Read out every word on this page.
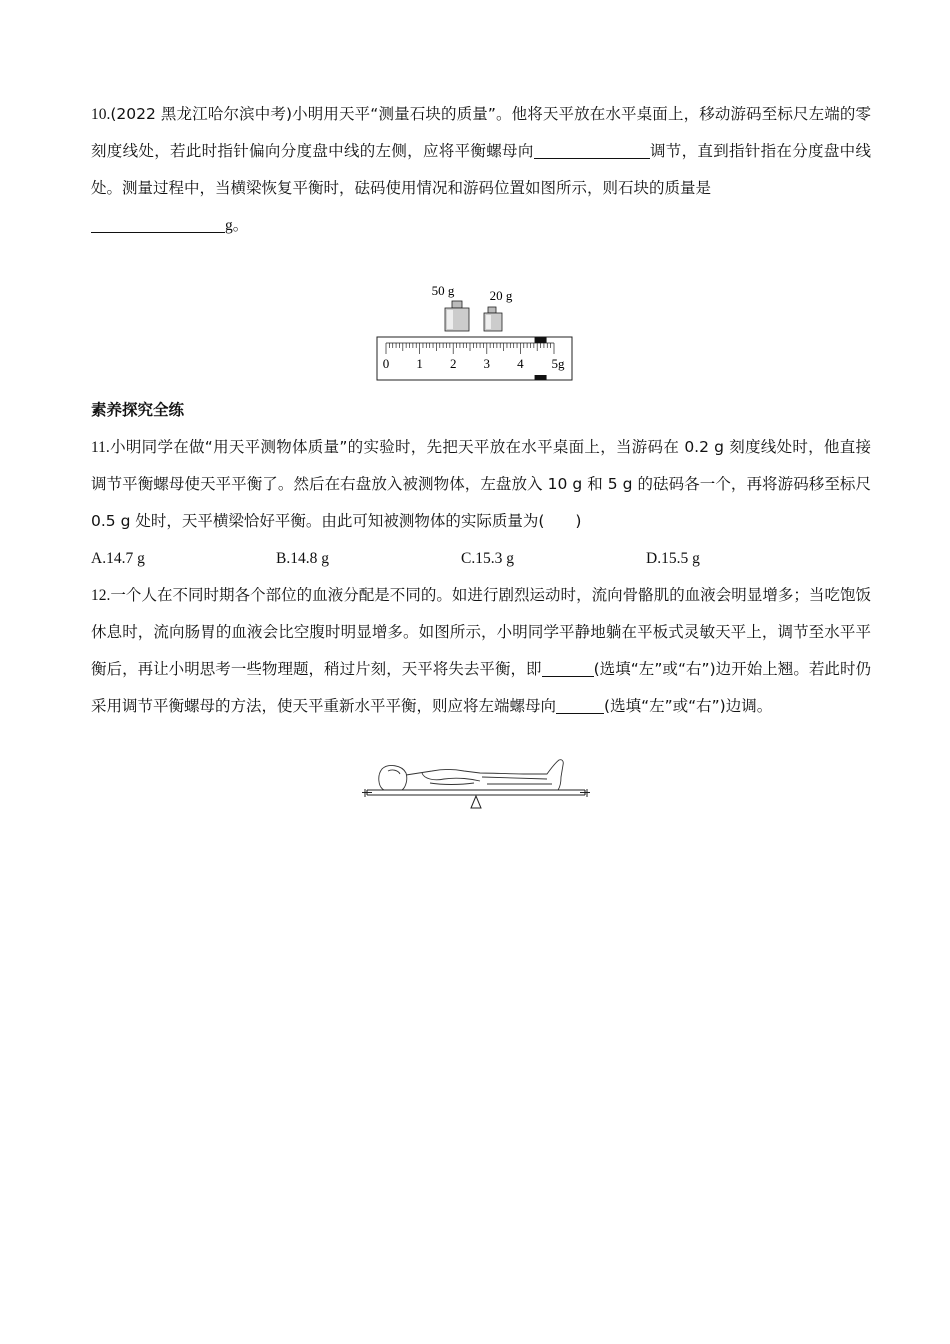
10.(2022 黑龙江哈尔滨中考)小明用天平“测量石块的质量”。他将天平放在水平桌面上，移动游码至标尺左端的零刻度线处，若此时指针偏向分度盘中线的左侧，应将平衡螺母向	调节，直到指针指在分度盘中线处。测量过程中，当横梁恢复平衡时，砝码使用情况和游码位置如图所示，则石块的质量是

g。

素养探究全练

11.小明同学在做“用天平测物体质量”的实验时，先把天平放在水平桌面上，当游码在 0.2 g 刻度线处时，他直接调节平衡螺母使天平平衡了。然后在右盘放入被测物体，左盘放入 10 g 和 5 g 的砝码各一个，再将游码移至标尺 0.5 g 处时，天平横梁恰好平衡。由此可知被测物体的实际质量为(　　)

A.14.7 g	B.14.8 g	C.15.3 g	D.15.5 g

12.一个人在不同时期各个部位的血液分配是不同的。如进行剧烈运动时，流向骨骼肌的血液会明显增多；当吃饱饭休息时，流向肠胃的血液会比空腹时明显增多。如图所示，小明同学平静地躺在平板式灵敏天平上，调节至水平平衡后，再让小明思考一些物理题，稍过片刻，天平将失去平衡，即	(选填“左”或“右”)边开始上翘。若此时仍采用调节平衡螺母的方法，使天平重新水平平衡，则应将左端螺母向	(选填“左”或“右”)边调。

50 g	20 g
0 1 2 3 4 5g
